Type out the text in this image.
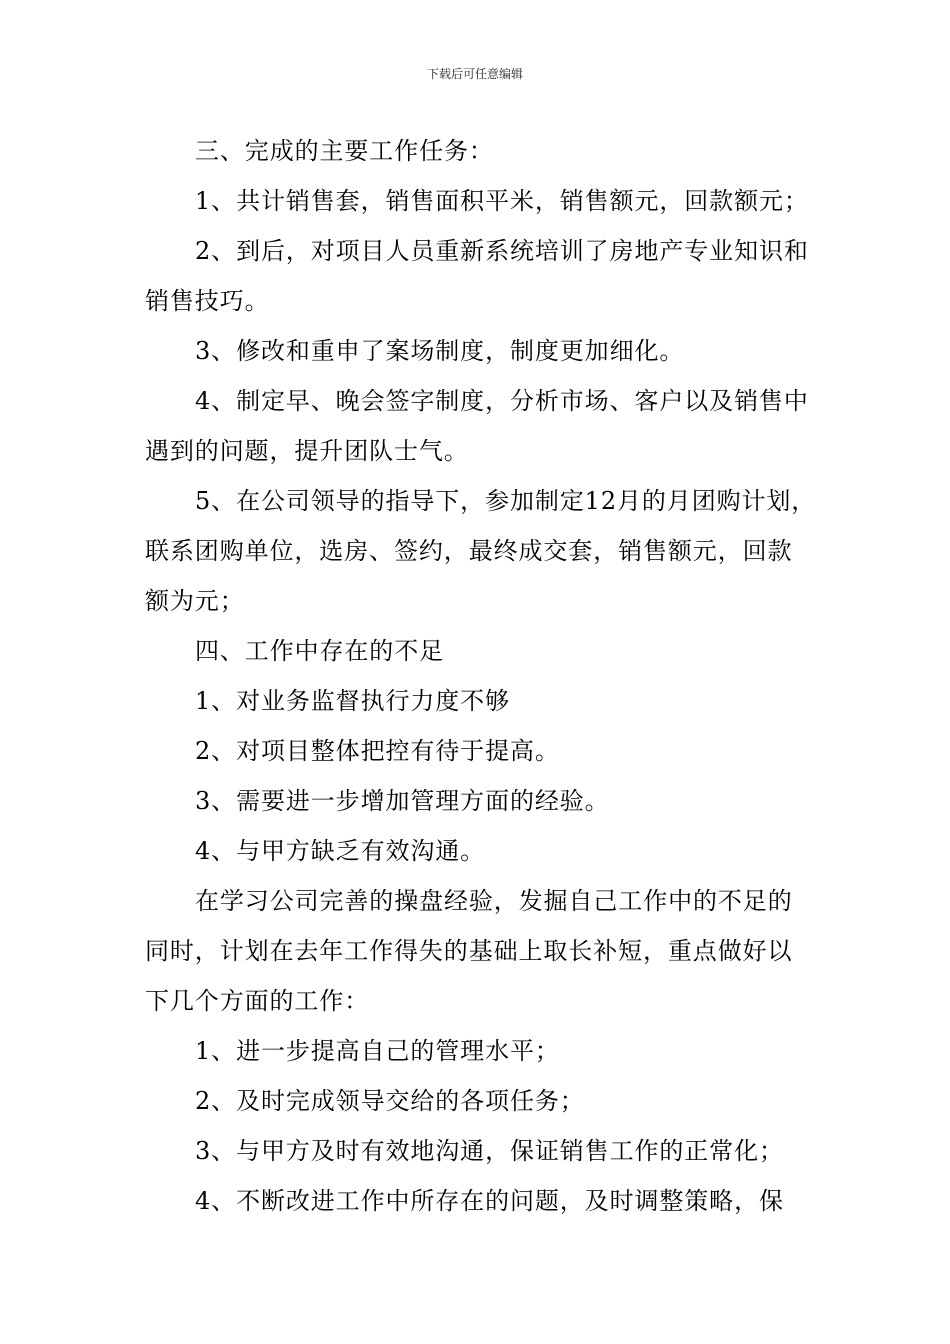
下载后可任意编辑

三、完成的主要工作任务：

1、共计销售套，销售面积平米，销售额元，回款额元；

2、到后，对项目人员重新系统培训了房地产专业知识和销售技巧。

3、修改和重申了案场制度，制度更加细化。

4、制定早、晚会签字制度，分析市场、客户以及销售中遇到的问题，提升团队士气。

5、在公司领导的指导下，参加制定12月的月团购计划，联系团购单位，选房、签约，最终成交套，销售额元，回款额为元；

四、工作中存在的不足

1、对业务监督执行力度不够

2、对项目整体把控有待于提高。

3、需要进一步增加管理方面的经验。

4、与甲方缺乏有效沟通。

在学习公司完善的操盘经验，发掘自己工作中的不足的同时，计划在去年工作得失的基础上取长补短，重点做好以下几个方面的工作：

1、进一步提高自己的管理水平；

2、及时完成领导交给的各项任务；

3、与甲方及时有效地沟通，保证销售工作的正常化；

4、不断改进工作中所存在的问题，及时调整策略，保
